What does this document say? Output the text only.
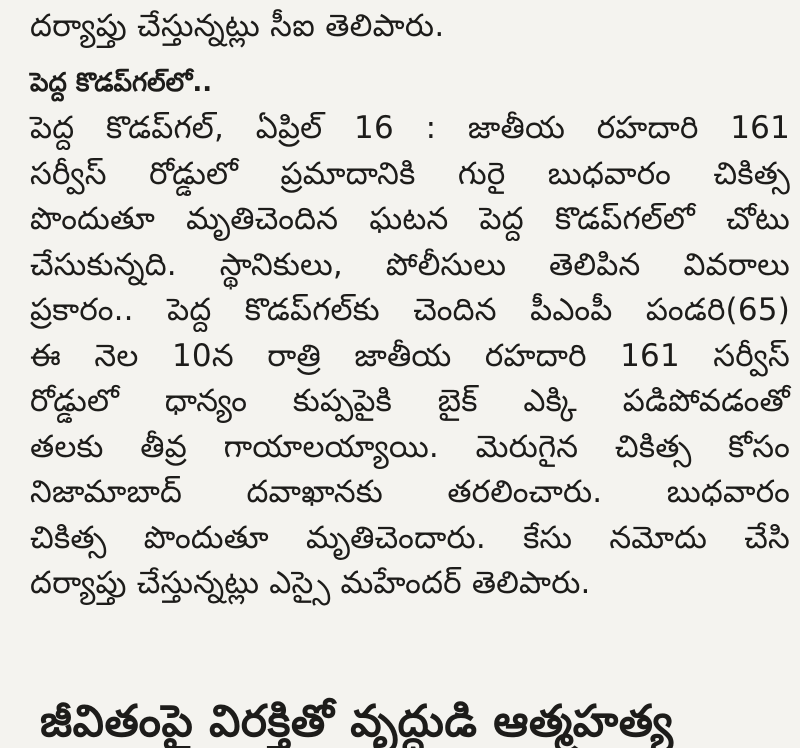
దర్యాప్తు చేస్తున్నట్లు సీఐ తెలిపారు.
పెద్ద కొడప్‌గల్‌లో..
పెద్ద కొడప్‌గల్, ఏప్రిల్ 16 : జాతీయ రహదారి 161
సర్వీస్ రోడ్డులో ప్రమాదానికి గురై బుధవారం చికిత్స
పొందుతూ మృతిచెందిన ఘటన పెద్ద కొడప్‌గల్‌లో చోటు
చేసుకున్నది. స్థానికులు, పోలీసులు తెలిపిన వివరాలు
ప్రకారం.. పెద్ద కొడప్‌గల్‌కు చెందిన పీఎంపీ పండరి(65)
ఈ నెల 10న రాత్రి జాతీయ రహదారి 161 సర్వీస్
రోడ్డులో ధాన్యం కుప్పపైకి బైక్ ఎక్కి పడిపోవడంతో
తలకు తీవ్ర గాయాలయ్యాయి. మెరుగైన చికిత్స కోసం
నిజామాబాద్ దవాఖానకు తరలించారు. బుధవారం
చికిత్స పొందుతూ మృతిచెందారు. కేసు నమోదు చేసి
దర్యాప్తు చేస్తున్నట్లు ఎస్సై మహేందర్ తెలిపారు.
జీవితంపై విరక్తితో వృద్ధుడి ఆత్మహత్య
